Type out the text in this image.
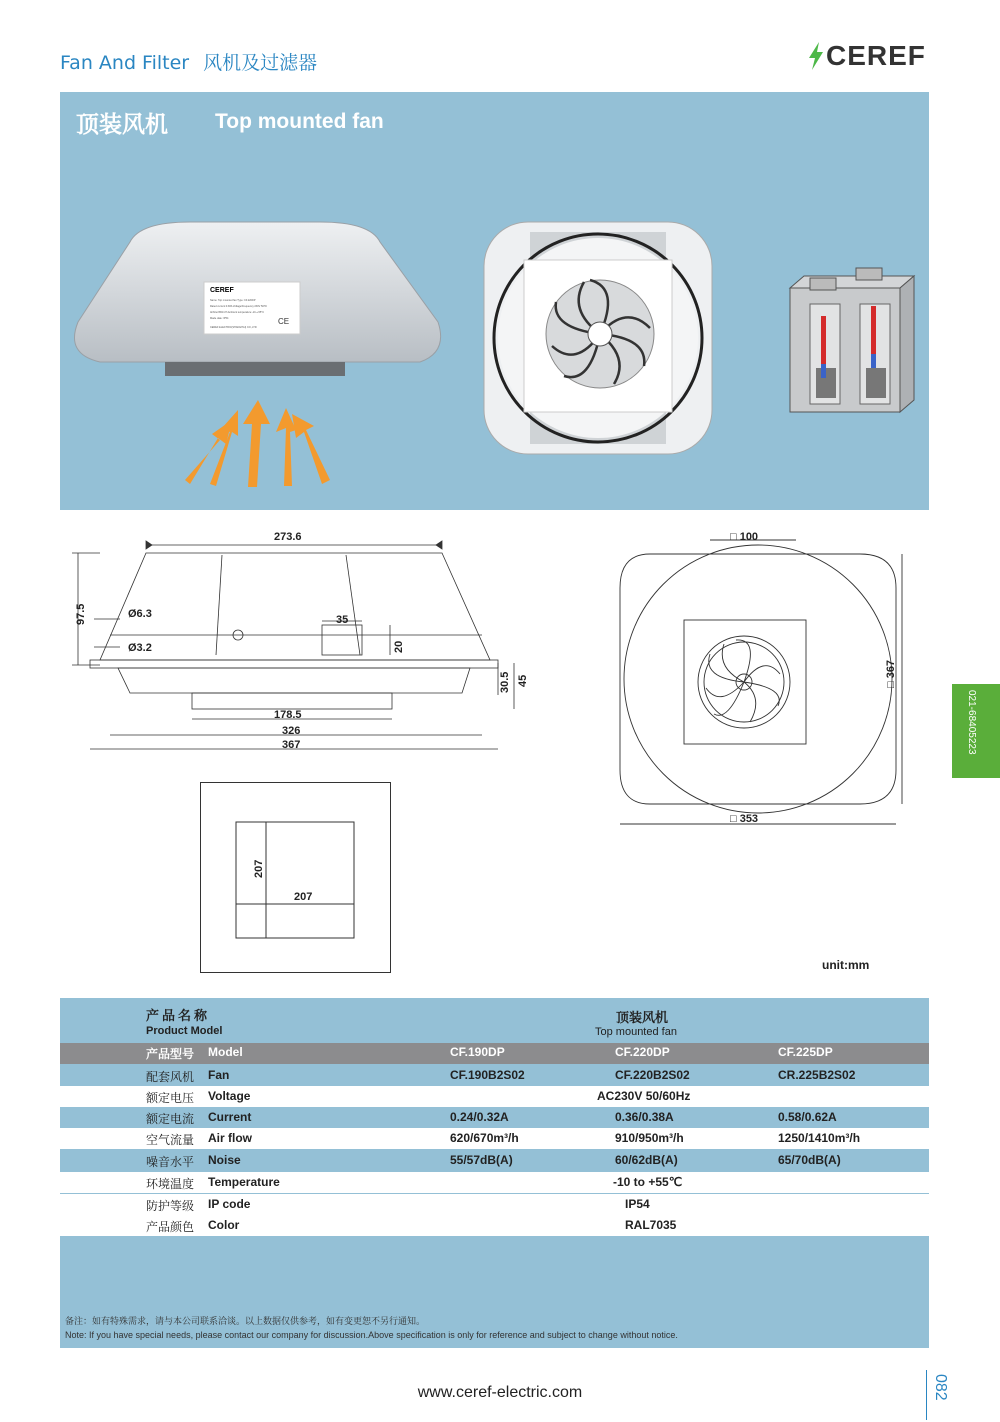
Fan And Filter 风机及过滤器	CEREF
顶装风机 Top mounted fan
CEREF
Name: Top mounted fan Type: CF.220DP
Rated current:0.38A Voltage/Frequency:230V 50Hz
Airflow:950m³/h Ambient temperature:-10~+55°C
Made date: IP54
CEREF ELECTRIC(SHANGHAI) CO.,LTD
CE
273.6
97.5	Ø6.3
Ø3.2
35
20
30.5 45
178.5
326
367
□ 100
□ 367
□ 353
207
207
unit:mm
021-68405223
产品名称
Product Model
顶装风机
Top mounted fan
产品型号 Model	CF.190DP	CF.220DP	CF.225DP
配套风机 Fan	CF.190B2S02	CF.220B2S02	CR.225B2S02
额定电压 Voltage	AC230V 50/60Hz
额定电流 Current	0.24/0.32A	0.36/0.38A	0.58/0.62A
空气流量 Air flow	620/670m³/h	910/950m³/h	1250/1410m³/h
噪音水平 Noise	55/57dB(A)	60/62dB(A)	65/70dB(A)
环境温度 Temperature	-10 to +55℃
防护等级 IP code	IP54
产品颜色 Color	RAL7035
备注：如有特殊需求，请与本公司联系洽谈。以上数据仅供参考，如有变更恕不另行通知。
Note: If you have special needs, please contact our company for discussion.Above specification is only for reference and subject to change without notice.
www.ceref-electric.com	082
